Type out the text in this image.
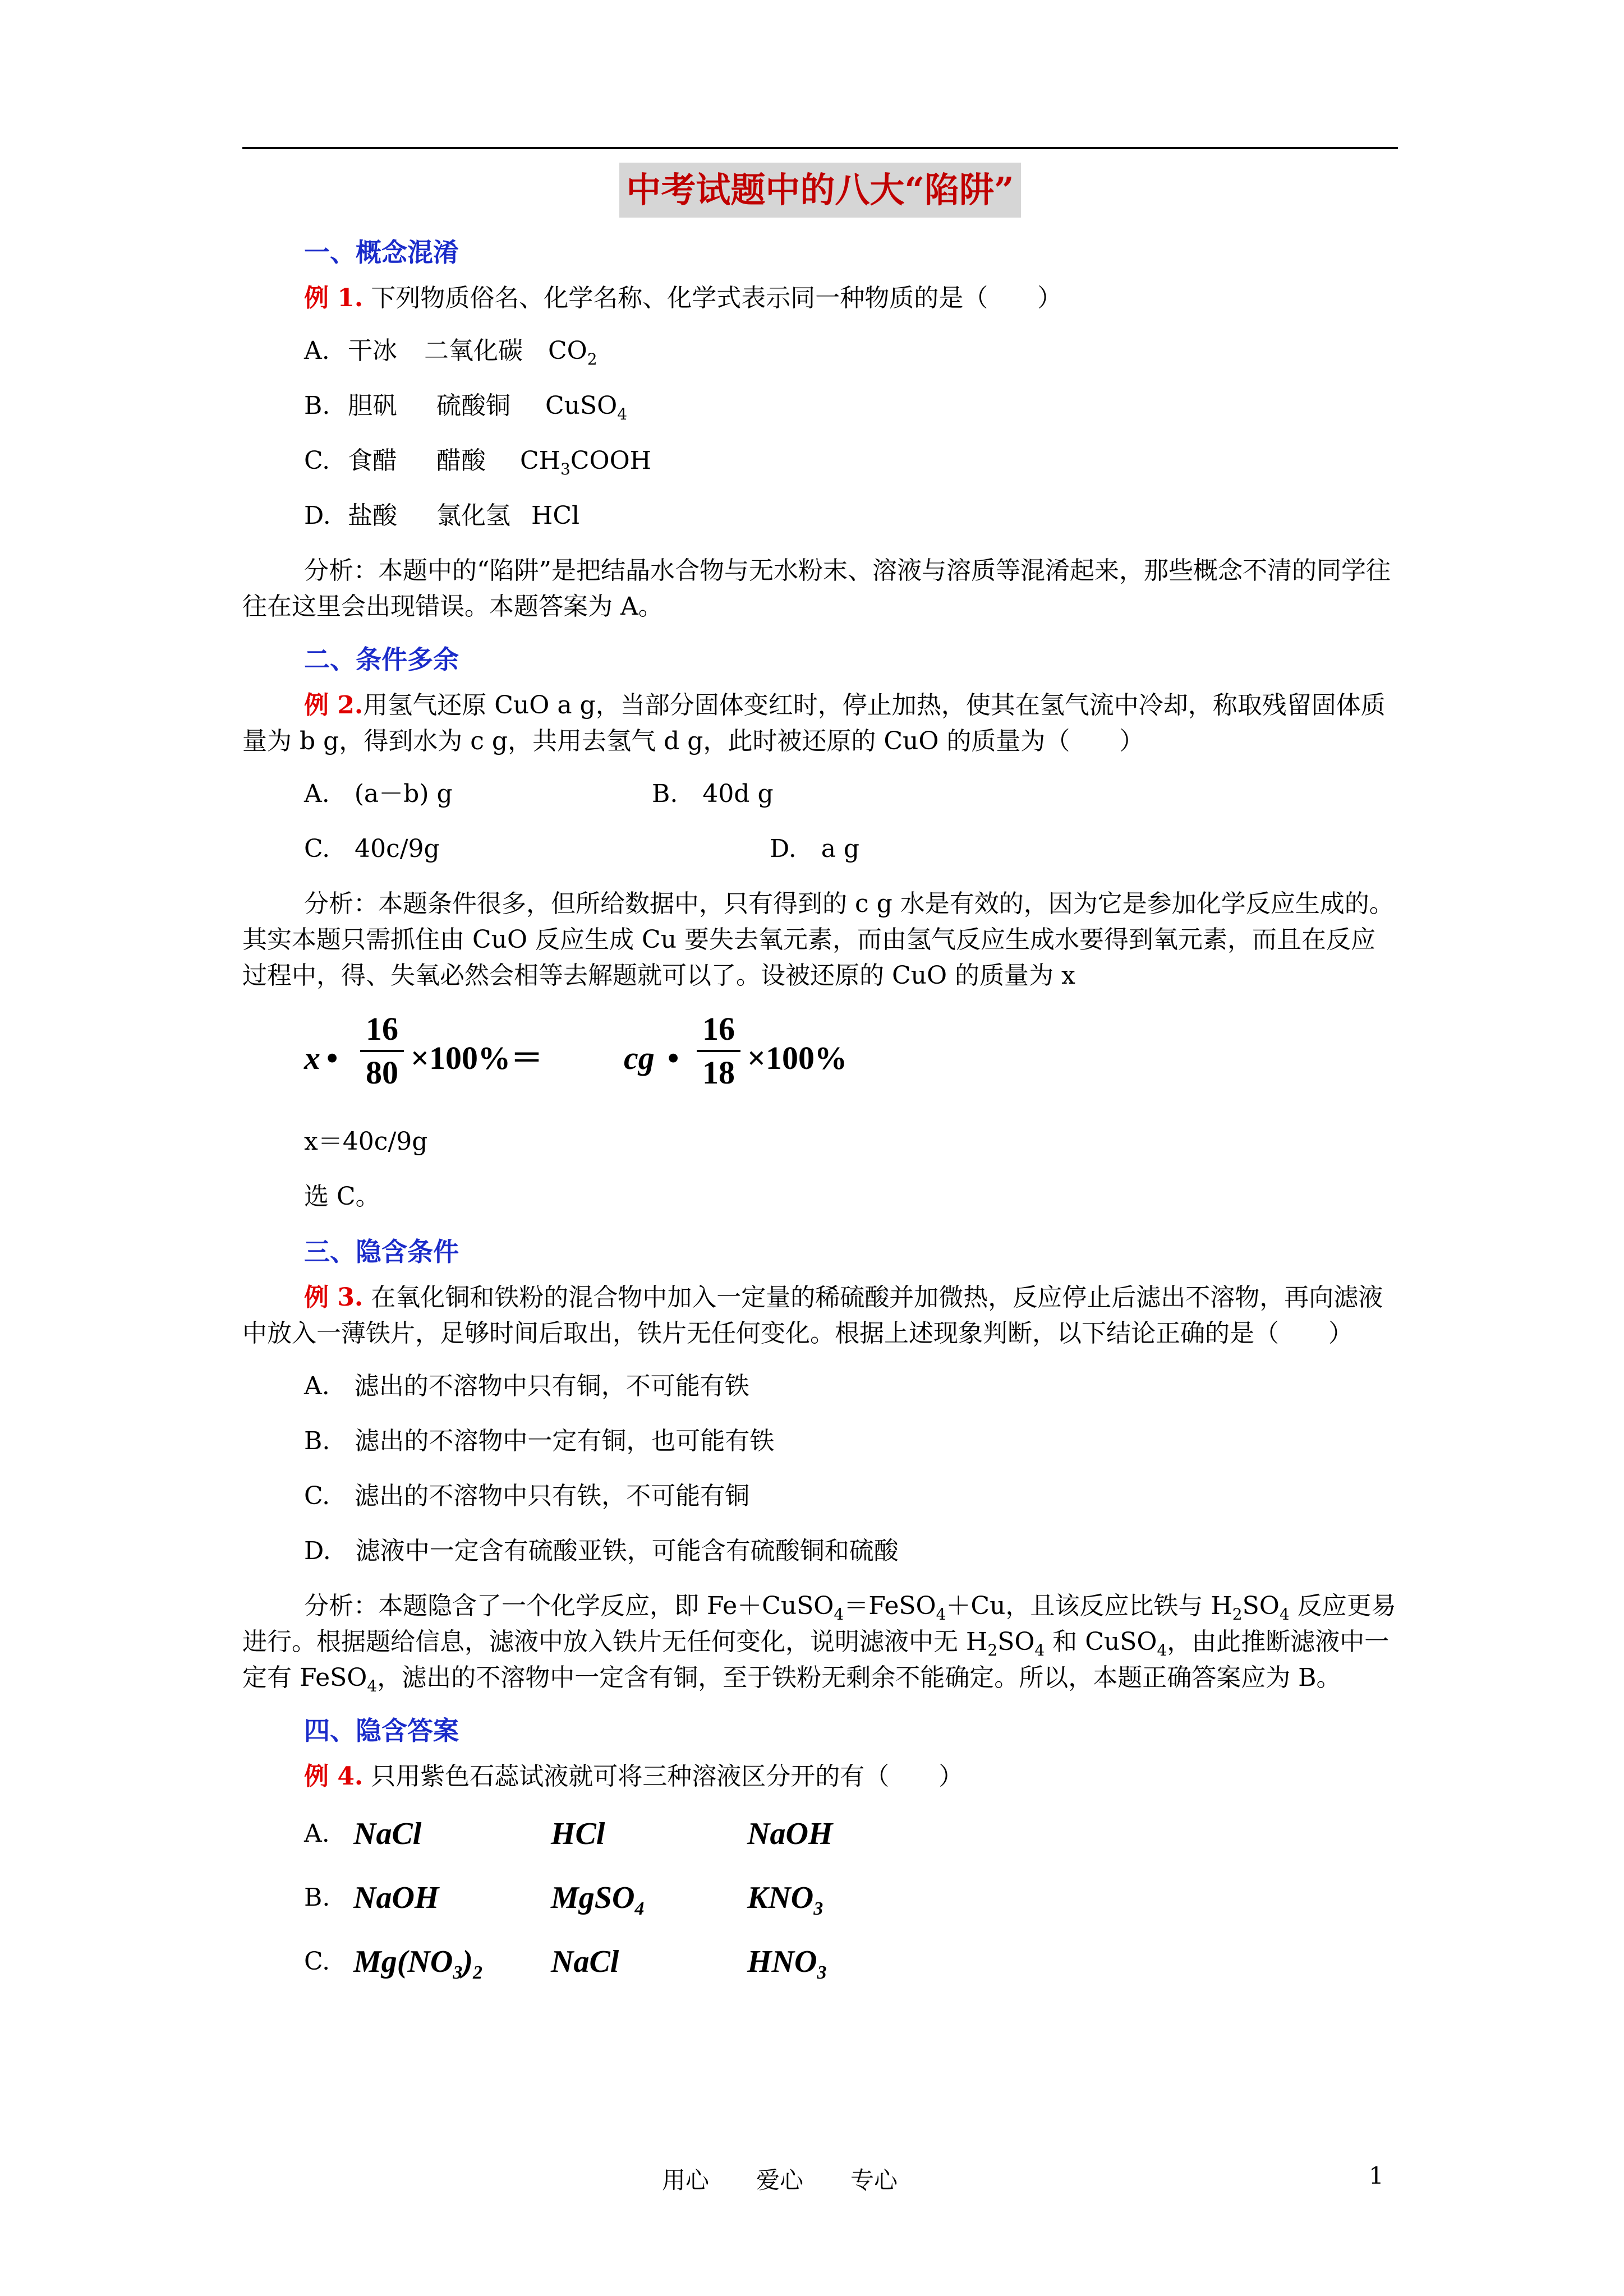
中考试题中的八大“陷阱”
一、概念混淆
例 1. 下列物质俗名、化学名称、化学式表示同一种物质的是（　　）
A. 干冰 二氧化碳 $CO_2$
B. 胆矾 硫酸铜 CuSO$_4$
C. 食醋 醋酸 $CH_3COOH$
D. 盐酸 氯化氢 HCl
分析：本题中的“陷阱”是把结晶水合物与无水粉末、溶液与溶质等混淆起来，那些概念不清的同学往往在这里会出现错误。本题答案为 A。
二、条件多余
例 2.用氢气还原 CuO a g，当部分固体变红时，停止加热，使其在氢气流中冷却，称取残留固体质量为 b g，得到水为 c g，共用去氢气 d g，此时被还原的 CuO 的质量为（　　）
A.　(a－b) g	B.　40d g
C.　40c/9g	D.　a g
分析：本题条件很多，但所给数据中，只有得到的 c g 水是有效的，因为它是参加化学反应生成的。其实本题只需抓住由 CuO 反应生成 Cu 要失去氧元素，而由氢气反应生成水要得到氧元素，而且在反应过程中，得、失氧必然会相等去解题就可以了。设被还原的 CuO 的质量为 x
x •
16
80 ×100%＝ cg •
16
18 ×100%
x＝40c/9g
选 C。
三、隐含条件
例 3. 在氧化铜和铁粉的混合物中加入一定量的稀硫酸并加微热，反应停止后滤出不溶物，再向滤液中放入一薄铁片，足够时间后取出，铁片无任何变化。根据上述现象判断，以下结论正确的是（　　）
A.　滤出的不溶物中只有铜，不可能有铁
B.　滤出的不溶物中一定有铜，也可能有铁
C.　滤出的不溶物中只有铁，不可能有铜
D.　滤液中一定含有硫酸亚铁，可能含有硫酸铜和硫酸
分析：本题隐含了一个化学反应，即 Fe＋CuSO$_4$＝FeSO$_4$＋Cu，且该反应比铁与 $H_2SO_4$ 反应更易进行。根据题给信息，滤液中放入铁片无任何变化，说明滤液中无 $H_2SO_4$ 和 CuSO$_4$，由此推断滤液中一定有 FeSO$_4$，滤出的不溶物中一定含有铜，至于铁粉无剩余不能确定。所以，本题正确答案应为 B。
四、隐含答案
例 4. 只用紫色石蕊试液就可将三种溶液区分开的有（　　）
A. NaCl	HCl	NaOH
B. NaOH	MgSO$_4$	$KNO_3$
C. $Mg(NO_3)_2$ NaCl	$HNO_3$
用心 爱心 专心	1
